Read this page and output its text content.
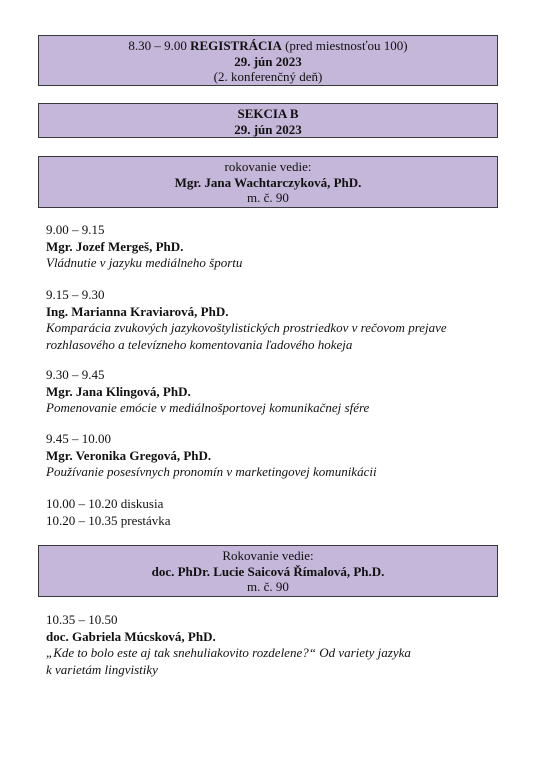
8.30 – 9.00 REGISTRÁCIA (pred miestnosťou 100)
29. jún 2023
(2. konferenčný deň)
SEKCIA B
29. jún 2023
rokovanie vedie:
Mgr. Jana Wachtarczyková, PhD.
m. č. 90
9.00 – 9.15
Mgr. Jozef Mergeš, PhD.
Vládnutie v jazyku mediálneho športu
9.15 – 9.30
Ing. Marianna Kraviarová, PhD.
Komparácia zvukových jazykovoštylistických prostriedkov v rečovom prejave
rozhlasového a televízneho komentovania ľadového hokeja
9.30 – 9.45
Mgr. Jana Klingová, PhD.
Pomenovanie emócie v mediálnošportovej komunikačnej sfére
9.45 – 10.00
Mgr. Veronika Gregová, PhD.
Používanie posesívnych pronomín v marketingovej komunikácii
10.00 – 10.20 diskusia
10.20 – 10.35 prestávka
Rokovanie vedie:
doc. PhDr. Lucie Saicová Římalová, Ph.D.
m. č. 90
10.35 – 10.50
doc. Gabriela Múcsková, PhD.
„Kde to bolo este aj tak snehuliakovito rozdelene?“ Od variety jazyka
k varietám lingvistiky
